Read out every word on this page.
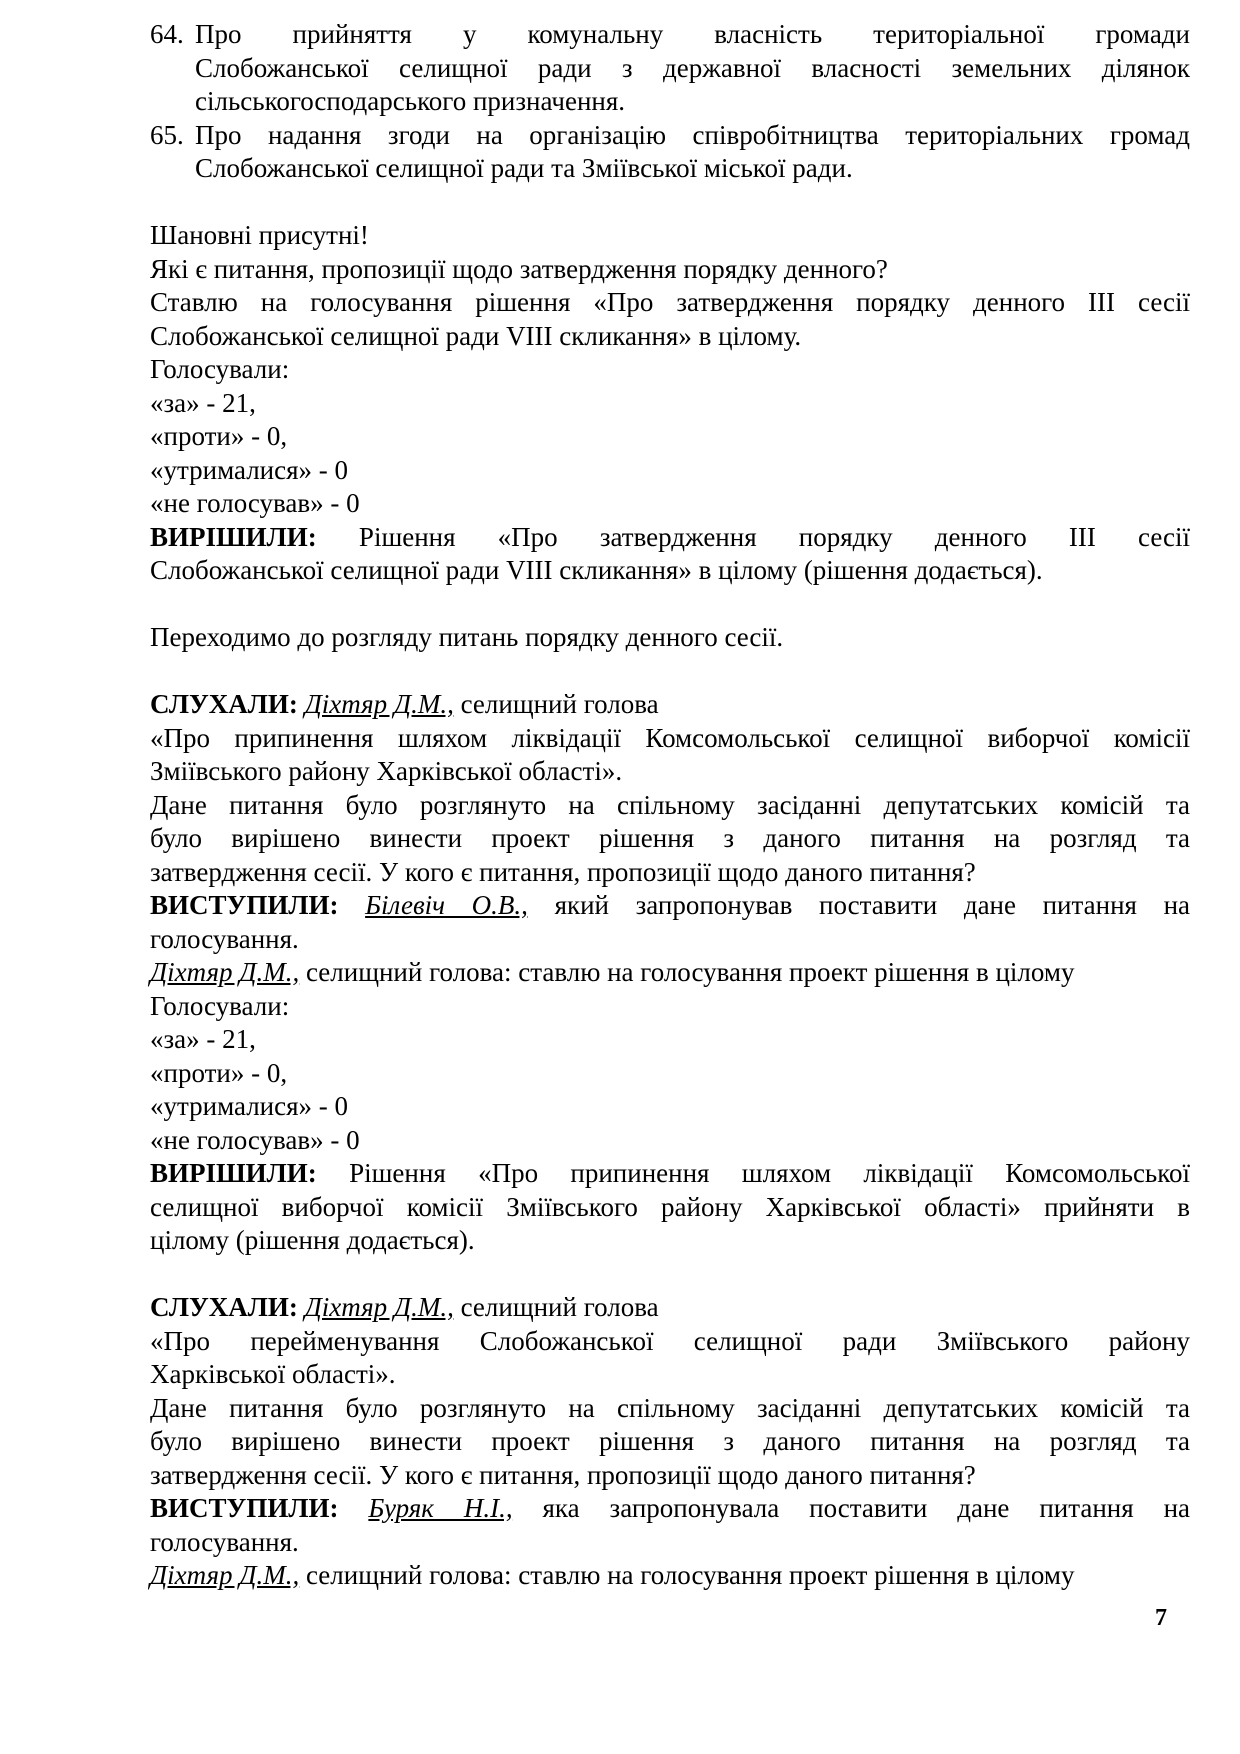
64. Про прийняття у комунальну власність територіальної громади
Слобожанської селищної ради з державної власності земельних ділянок
сільськогосподарського призначення.
65. Про надання згоди на організацію співробітництва територіальних громад
Слобожанської селищної ради та Зміївської міської ради.
Шановні присутні!
Які є питання, пропозиції щодо затвердження порядку денного?
Ставлю на голосування рішення «Про затвердження порядку денного ІІІ сесії
Слобожанської селищної ради VIII скликання» в цілому.
Голосували:
«за» - 21,
«проти» - 0,
«утрималися» - 0
«не голосував» - 0
ВИРІШИЛИ: Рішення «Про затвердження порядку денного ІІІ сесії
Слобожанської селищної ради VIII скликання» в цілому (рішення додається).
Переходимо до розгляду питань порядку денного сесії.
СЛУХАЛИ: Діхтяр Д.М., селищний голова
«Про припинення шляхом ліквідації Комсомольської селищної виборчої комісії
Зміївського району Харківської області».
Дане питання було розглянуто на спільному засіданні депутатських комісій та
було вирішено винести проект рішення з даного питання на розгляд та
затвердження сесії. У кого є питання, пропозиції щодо даного питання?
ВИСТУПИЛИ: Білевіч О.В., який запропонував поставити дане питання на
голосування.
Діхтяр Д.М., селищний голова: ставлю на голосування проект рішення в цілому
Голосували:
«за» - 21,
«проти» - 0,
«утрималися» - 0
«не голосував» - 0
ВИРІШИЛИ: Рішення «Про припинення шляхом ліквідації Комсомольської
селищної виборчої комісії Зміївського району Харківської області» прийняти в
цілому (рішення додається).
СЛУХАЛИ: Діхтяр Д.М., селищний голова
«Про перейменування Слобожанської селищної ради Зміївського району
Харківської області».
Дане питання було розглянуто на спільному засіданні депутатських комісій та
було вирішено винести проект рішення з даного питання на розгляд та
затвердження сесії. У кого є питання, пропозиції щодо даного питання?
ВИСТУПИЛИ: Буряк Н.І., яка запропонувала поставити дане питання на
голосування.
Діхтяр Д.М., селищний голова: ставлю на голосування проект рішення в цілому
7
